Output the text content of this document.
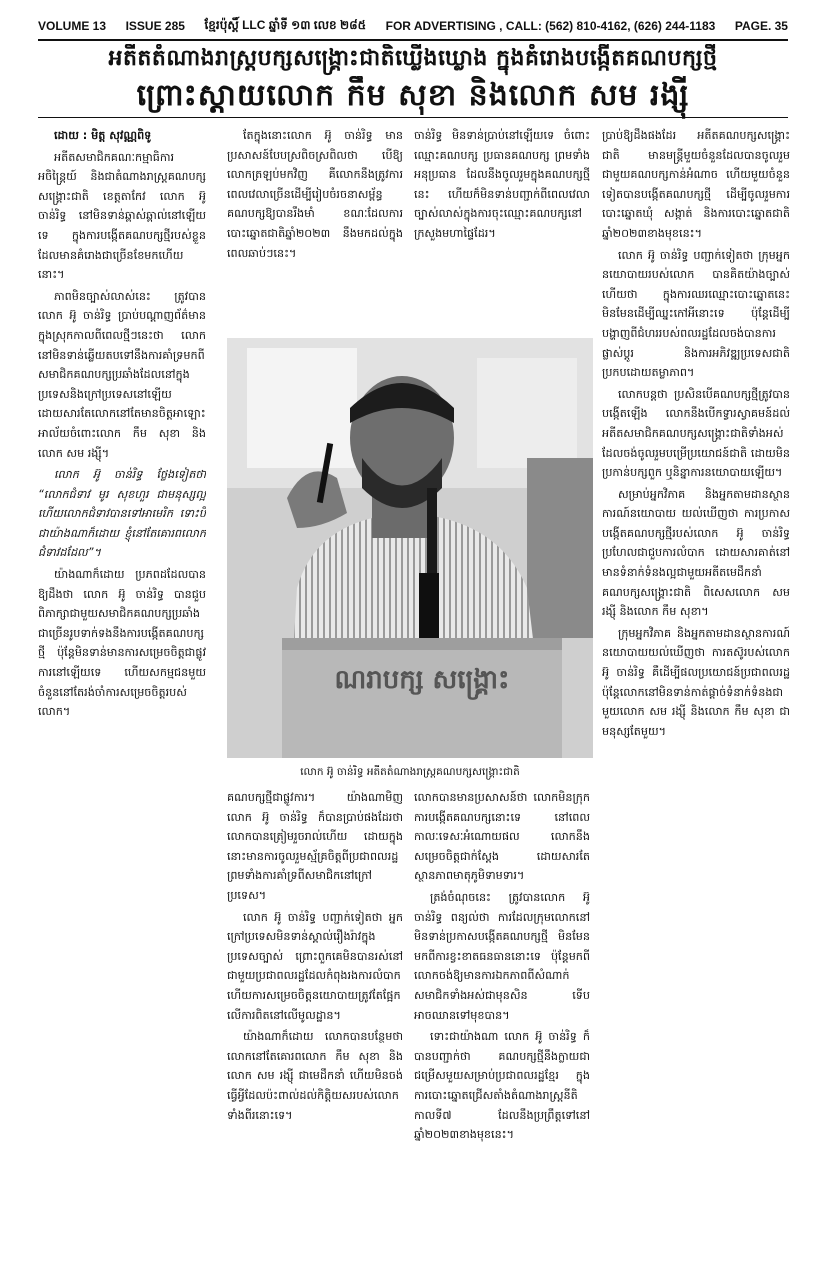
VOLUME 13 ISSUE 285 ខ្មែរប៉ុស្ដិ៍ LLC ឆ្នាំទី ១៣ លេខ ២៨៥ FOR ADVERTISING , CALL: (562) 810-4162, (626) 244-1183 PAGE. 35
អតីតតំណាងរាស្ត្របក្សសង្គ្រោះជាតិឃ្លើងឃ្លោង ក្នុងគំរោងបង្កើតគណបក្សថ្មី
ព្រោះស្ដាយលោក កឹម សុខា និងលោក សម រង្ស៊ី

ដោយ : មិត្ត សុវណ្ណពិទូ

អតីតសមាជិកគណៈកម្មាធិការអចិន្ត្រៃយ៍ និងជាតំណាងរាស្ត្រគណបក្សសង្គ្រោះជាតិ ខេត្តតាកែវ លោក អ៊ូ ចាន់រិទ្ធ នៅមិនទាន់ឆ្ពាស់ឆ្ពាល់នៅឡើយទេ ក្នុងការបង្កើតគណបក្សថ្មីរបស់ខ្លួនដែលមានគំរោងជាច្រើនខែមកហើយនោះ។

ភាពមិនច្បាស់លាស់នេះ ត្រូវបានលោក អ៊ូ ចាន់រិទ្ធ ប្រាប់បណ្ដាញព័ត៌មានក្នុងស្រុកកាលពីពេលថ្មីៗនេះថា លោកនៅមិនទាន់ឆ្លើយតបទៅនឹងការគាំទ្រមកពីសមាជិកគណបក្សប្រឆាំងដែលនៅក្នុងប្រទេសនិងក្រៅប្រទេសនៅឡើយ ដោយសារតែលោកនៅតែមានចិត្តអាឡោះអាល័យចំពោះលោក កឹម សុខា និងលោក សម រង្ស៊ី។

លោក អ៊ូ ចាន់រិទ្ធ ថ្លែងទៀតថា “លោកជំទាវ មូរ សុខហួរ ជាមនុស្សល្អ ហើយលោកជំទាវបានទៅអាមេរិក ទោះបីជាយ៉ាងណាក៏ដោយ ខ្ញុំនៅតែគោរពលោកជំទាវដដែល”។

យ៉ាងណាក៏ដោយ ប្រភពដដែលបានឱ្យដឹងថា លោក អ៊ូ ចាន់រិទ្ធ បានជួបពិភាក្សាជាមួយសមាជិកគណបក្សប្រឆាំងជាច្រើនរូបទាក់ទងនឹងការបង្កើតគណបក្សថ្មី ប៉ុន្តែមិនទាន់មានការសម្រេចចិត្តជាផ្លូវការនៅឡើយទេ ហើយសកម្មជនមួយចំនួននៅតែរង់ចាំការសម្រេចចិត្តរបស់លោក។

តែក្នុងនោះលោក អ៊ូ ចាន់រិទ្ធ មានប្រសាសន៍បែបស្រពិចស្រពិលថា បើឱ្យលោកត្រឡប់មកវិញ គឺលោកនឹងត្រូវការពេលវេលាច្រើនដើម្បីរៀបចំរចនាសម្ព័ន្ធគណបក្សឱ្យបានរឹងមាំ ខណៈដែលការបោះឆ្នោតជាតិឆ្នាំ២០២៣ នឹងមកដល់ក្នុងពេលឆាប់ៗនេះ។

ចាន់រិទ្ធ មិនទាន់ប្រាប់នៅឡើយទេ ចំពោះឈ្មោះគណបក្ស ប្រធានគណបក្ស ព្រមទាំងអនុប្រធាន ដែលនឹងចូលរួមក្នុងគណបក្សថ្មីនេះ ហើយក៏មិនទាន់បញ្ជាក់ពីពេលវេលាច្បាស់លាស់ក្នុងការចុះឈ្មោះគណបក្សនៅក្រសួងមហាផ្ទៃដែរ។

ណរាបក្ស សង្គ្រោះ
លោក អ៊ូ ចាន់រិទ្ធ អតីតតំណាងរាស្ត្រគណបក្សសង្គ្រោះជាតិ

គណបក្សថ្មីជាផ្លូវការ។ យ៉ាងណាមិញ លោក អ៊ូ ចាន់រិទ្ធ ក៏បានប្រាប់ផងដែរថា លោកបានត្រៀមរួចរាល់ហើយ ដោយក្នុងនោះមានការចូលរួមស្ម័គ្រចិត្តពីប្រជាពលរដ្ឋ ព្រមទាំងការគាំទ្រពីសមាជិកនៅក្រៅប្រទេស។

លោក អ៊ូ ចាន់រិទ្ធ បញ្ជាក់ទៀតថា អ្នកក្រៅប្រទេសមិនទាន់ស្គាល់រឿងរ៉ាវក្នុងប្រទេសច្បាស់ ព្រោះពួកគេមិនបានរស់នៅជាមួយប្រជាពលរដ្ឋដែលកំពុងរងការលំបាក ហើយការសម្រេចចិត្តនយោបាយត្រូវតែផ្អែកលើការពិតនៅលើមូលដ្ឋាន។

យ៉ាងណាក៏ដោយ លោកបានបន្ថែមថា លោកនៅតែគោរពលោក កឹម សុខា និងលោក សម រង្ស៊ី ជាមេដឹកនាំ ហើយមិនចង់ធ្វើអ្វីដែលប៉ះពាល់ដល់កិត្តិយសរបស់លោកទាំងពីរនោះទេ។

លោកបានមានប្រសាសន៍ថា លោកមិនក្រុកការបង្កើតគណបក្សនោះទេ នៅពេលកាលៈទេសៈអំណោយផល លោកនឹងសម្រេចចិត្តជាក់ស្ដែង ដោយសារតែស្ថានភាពមាតុភូមិទាមទារ។

ត្រង់ចំណុចនេះ ត្រូវបានលោក អ៊ូ ចាន់រិទ្ធ ពន្យល់ថា ការដែលក្រុមលោកនៅមិនទាន់ប្រកាសបង្កើតគណបក្សថ្មី មិនមែនមកពីការខ្វះខាតធនធាននោះទេ ប៉ុន្តែមកពីលោកចង់ឱ្យមានការឯកភាពពីសំណាក់សមាជិកទាំងអស់ជាមុនសិន ទើបអាចឈានទៅមុខបាន។

ទោះជាយ៉ាងណា លោក អ៊ូ ចាន់រិទ្ធ ក៏បានបញ្ជាក់ថា គណបក្សថ្មីនឹងក្លាយជាជម្រើសមួយសម្រាប់ប្រជាពលរដ្ឋខ្មែរ ក្នុងការបោះឆ្នោតជ្រើសតាំងតំណាងរាស្ត្រនីតិកាលទី៧ ដែលនឹងប្រព្រឹត្តទៅនៅឆ្នាំ២០២៣ខាងមុខនេះ។

ប្រាប់ឱ្យដឹងផងដែរ អតីតគណបក្សសង្គ្រោះជាតិ មានមន្ត្រីមួយចំនួនដែលបានចូលរួមជាមួយគណបក្សកាន់អំណាច ហើយមួយចំនួនទៀតបានបង្កើតគណបក្សថ្មី ដើម្បីចូលរួមការបោះឆ្នោតឃុំ សង្កាត់ និងការបោះឆ្នោតជាតិឆ្នាំ២០២៣ខាងមុខនេះ។

លោក អ៊ូ ចាន់រិទ្ធ បញ្ជាក់ទៀតថា ក្រុមអ្នកនយោបាយរបស់លោក បានគិតយ៉ាងច្បាស់ហើយថា ក្នុងការឈរឈ្មោះបោះឆ្នោតនេះ មិនមែនដើម្បីឈ្នះកៅអីនោះទេ ប៉ុន្តែដើម្បីបង្ហាញពីជំហររបស់ពលរដ្ឋដែលចង់បានការផ្លាស់ប្ដូរ និងការអភិវឌ្ឍប្រទេសជាតិប្រកបដោយតម្លាភាព។

លោកបន្តថា ប្រសិនបើគណបក្សថ្មីត្រូវបានបង្កើតឡើង លោកនឹងបើកទ្វារស្វាគមន៍ដល់អតីតសមាជិកគណបក្សសង្គ្រោះជាតិទាំងអស់ ដែលចង់ចូលរួមបម្រើប្រយោជន៍ជាតិ ដោយមិនប្រកាន់បក្សពួក ឬនិន្នាការនយោបាយឡើយ។

សម្រាប់អ្នកវិភាគ និងអ្នកតាមដានស្ថានការណ៍នយោបាយ យល់ឃើញថា ការប្រកាសបង្កើតគណបក្សថ្មីរបស់លោក អ៊ូ ចាន់រិទ្ធ ប្រហែលជាជួបការលំបាក ដោយសារគាត់នៅមានទំនាក់ទំនងល្អជាមួយអតីតមេដឹកនាំគណបក្សសង្គ្រោះជាតិ ពិសេសលោក សម រង្ស៊ី និងលោក កឹម សុខា។

ក្រុមអ្នកវិភាគ និងអ្នកតាមដានស្ថានការណ៍នយោបាយយល់ឃើញថា ការតស៊ូរបស់លោក អ៊ូ ចាន់រិទ្ធ គឺដើម្បីផលប្រយោជន៍ប្រជាពលរដ្ឋ ប៉ុន្តែលោកនៅមិនទាន់កាត់ផ្ដាច់ទំនាក់ទំនងជាមួយលោក សម រង្ស៊ី និងលោក កឹម សុខា ជាមនុស្សតែមួយ។
